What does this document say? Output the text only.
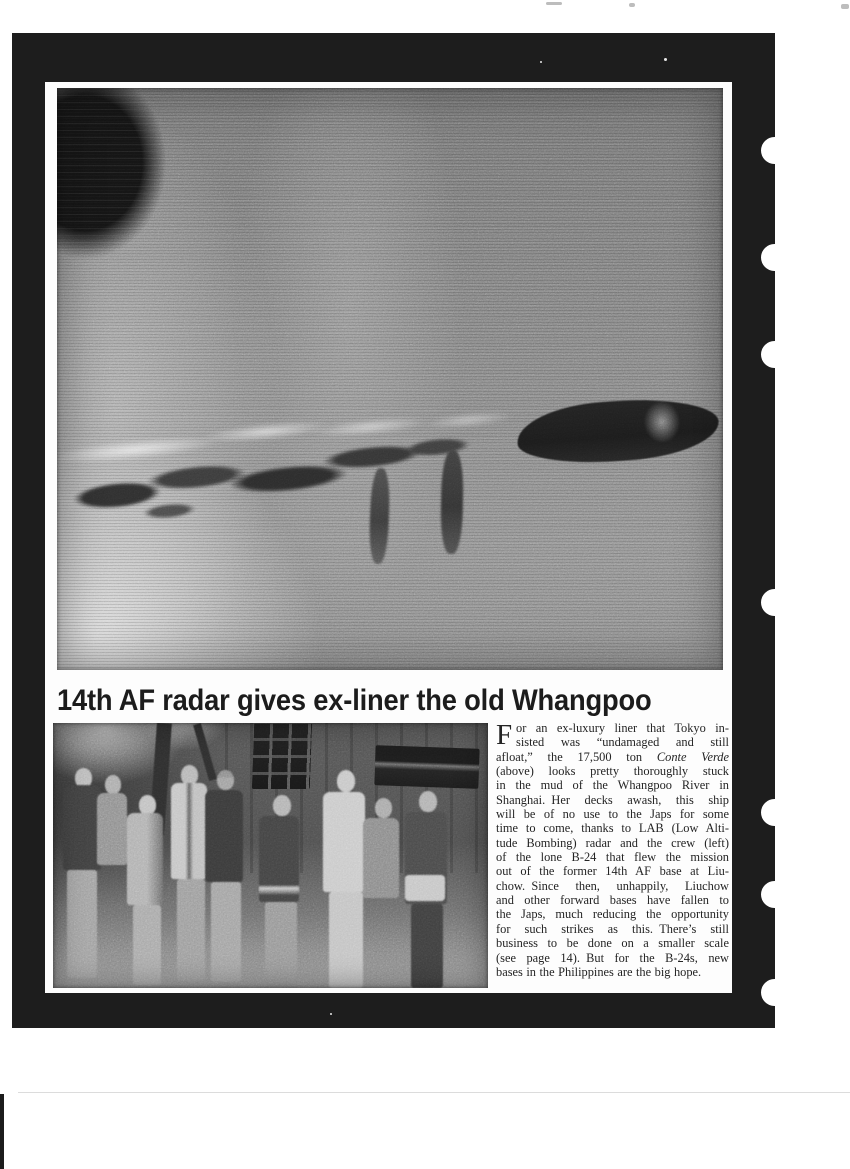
14th AF radar gives ex-liner the old Whangpoo
F or an ex-luxury liner that Tokyo in-
sisted was “undamaged and still
afloat,” the 17,500 ton Conte Verde
(above) looks pretty thoroughly stuck
in the mud of the Whangpoo River in
Shanghai. Her decks awash, this ship
will be of no use to the Japs for some
time to come, thanks to LAB (Low Alti-
tude Bombing) radar and the crew (left)
of the lone B-24 that flew the mission
out of the former 14th AF base at Liu-
chow. Since then, unhappily, Liuchow
and other forward bases have fallen to
the Japs, much reducing the opportunity
for such strikes as this. There’s still
business to be done on a smaller scale
(see page 14). But for the B-24s, new
bases in the Philippines are the big hope.
